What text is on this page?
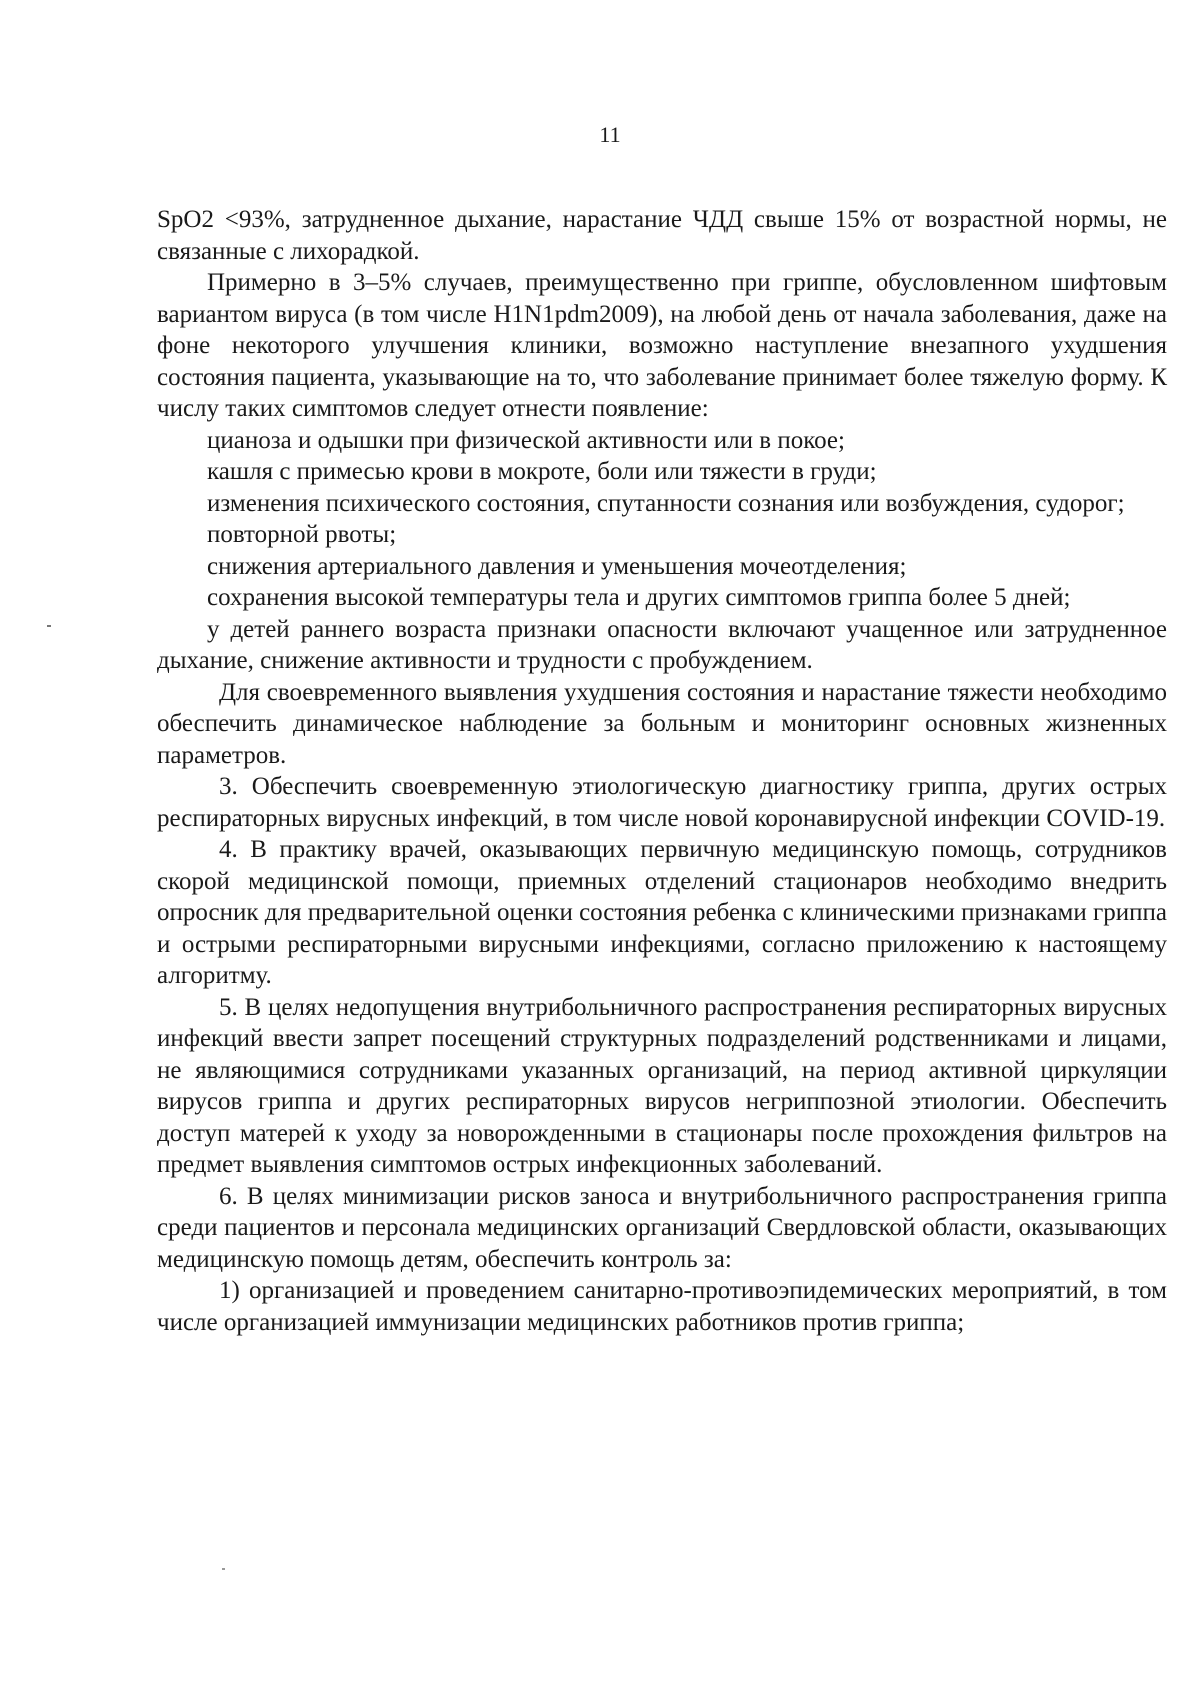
11

SpO2 <93%, затрудненное дыхание, нарастание ЧДД свыше 15% от возрастной нормы, не связанные с лихорадкой.

Примерно в 3–5% случаев, преимущественно при гриппе, обусловленном шифтовым вариантом вируса (в том числе H1N1pdm2009), на любой день от начала заболевания, даже на фоне некоторого улучшения клиники, возможно наступление внезапного ухудшения состояния пациента, указывающие на то, что заболевание принимает более тяжелую форму. К числу таких симптомов следует отнести появление:

цианоза и одышки при физической активности или в покое;

кашля с примесью крови в мокроте, боли или тяжести в груди;

изменения психического состояния, спутанности сознания или возбуждения, судорог;

повторной рвоты;

снижения артериального давления и уменьшения мочеотделения;

сохранения высокой температуры тела и других симптомов гриппа более 5 дней;

у детей раннего возраста признаки опасности включают учащенное или затрудненное дыхание, снижение активности и трудности с пробуждением.

Для своевременного выявления ухудшения состояния и нарастание тяжести необходимо обеспечить динамическое наблюдение за больным и мониторинг основных жизненных параметров.

3. Обеспечить своевременную этиологическую диагностику гриппа, других острых респираторных вирусных инфекций, в том числе новой коронавирусной инфекции COVID-19.

4. В практику врачей, оказывающих первичную медицинскую помощь, сотрудников скорой медицинской помощи, приемных отделений стационаров необходимо внедрить опросник для предварительной оценки состояния ребенка с клиническими признаками гриппа и острыми респираторными вирусными инфекциями, согласно приложению к настоящему алгоритму.

5. В целях недопущения внутрибольничного распространения респираторных вирусных инфекций ввести запрет посещений структурных подразделений родственниками и лицами, не являющимися сотрудниками указанных организаций, на период активной циркуляции вирусов гриппа и других респираторных вирусов негриппозной этиологии. Обеспечить доступ матерей к уходу за новорожденными в стационары после прохождения фильтров на предмет выявления симптомов острых инфекционных заболеваний.

6. В целях минимизации рисков заноса и внутрибольничного распространения гриппа среди пациентов и персонала медицинских организаций Свердловской области, оказывающих медицинскую помощь детям, обеспечить контроль за:

1) организацией и проведением санитарно-противоэпидемических мероприятий, в том числе организацией иммунизации медицинских работников против гриппа;
